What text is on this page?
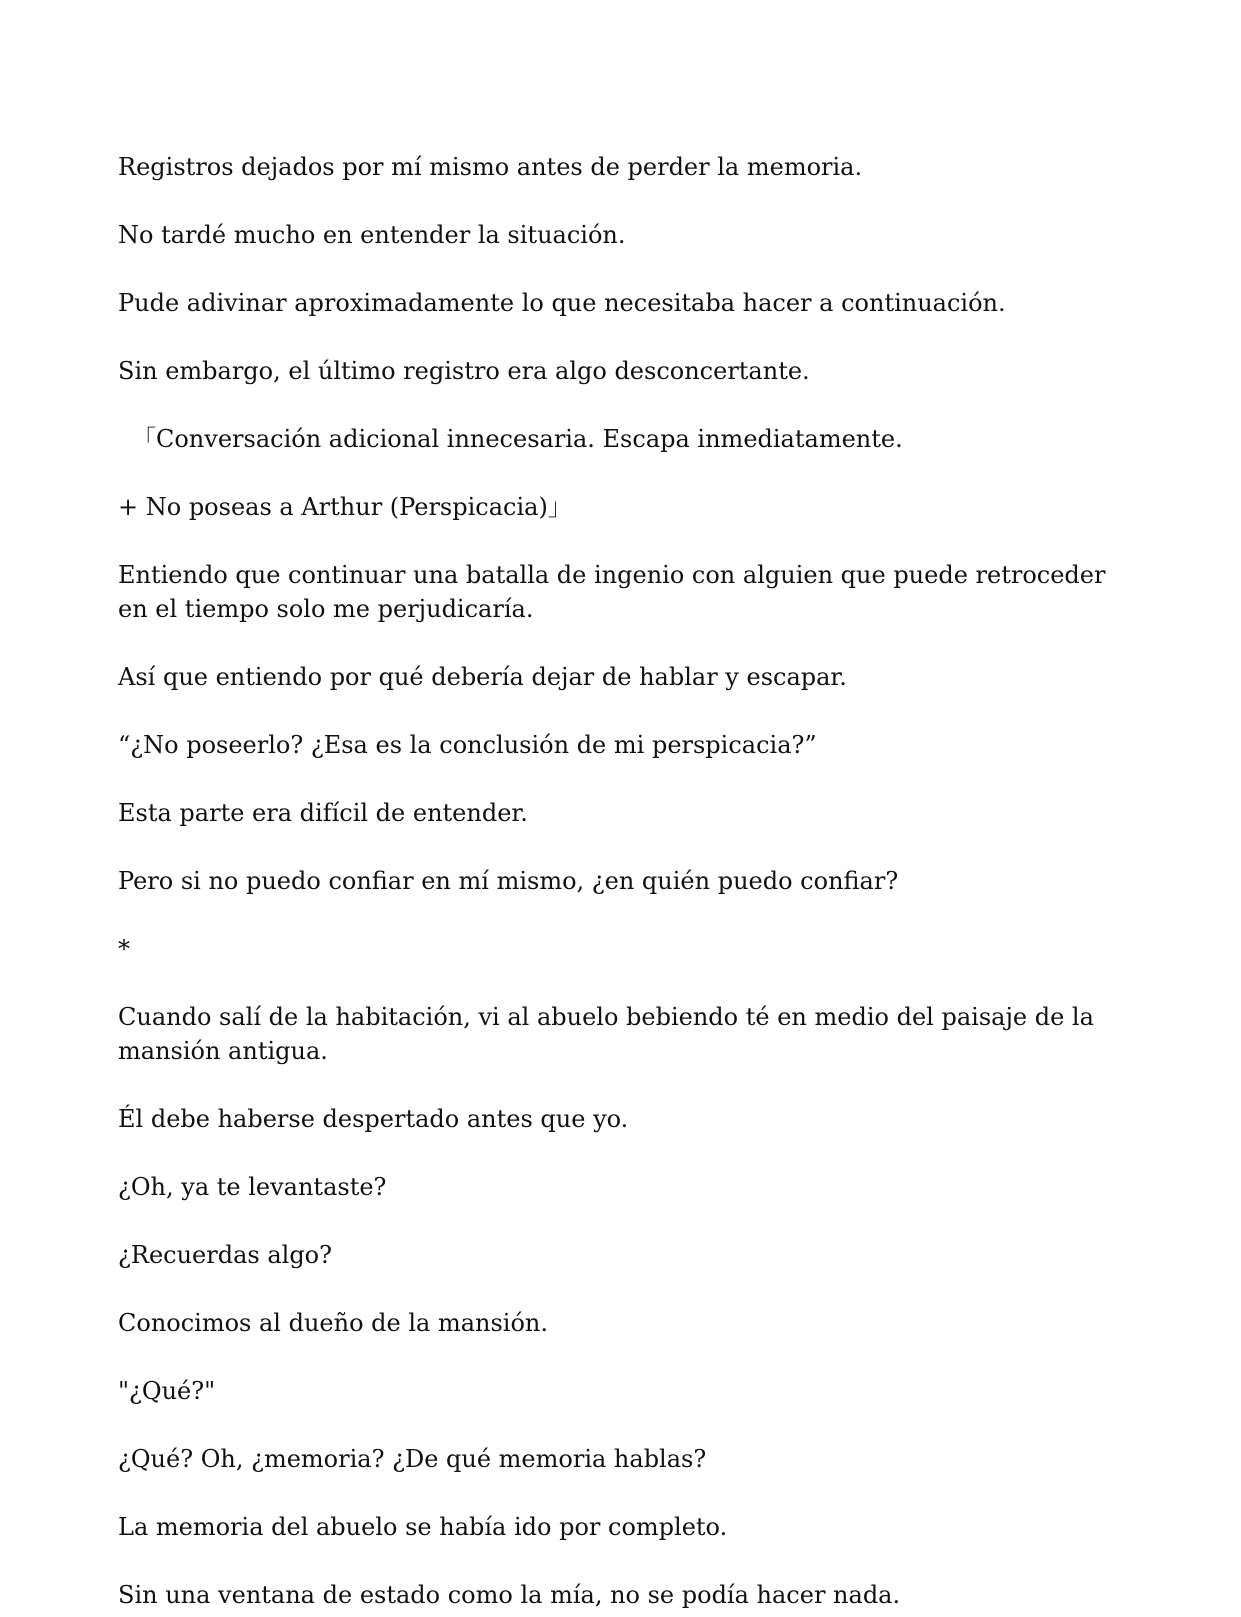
Registros dejados por mí mismo antes de perder la memoria.

No tardé mucho en entender la situación.

Pude adivinar aproximadamente lo que necesitaba hacer a continuación.

Sin embargo, el último registro era algo desconcertante.

「Conversación adicional innecesaria. Escapa inmediatamente.

+ No poseas a Arthur (Perspicacia)」

Entiendo que continuar una batalla de ingenio con alguien que puede retroceder en el tiempo solo me perjudicaría.

Así que entiendo por qué debería dejar de hablar y escapar.

“¿No poseerlo? ¿Esa es la conclusión de mi perspicacia?”

Esta parte era difícil de entender.

Pero si no puedo confiar en mí mismo, ¿en quién puedo confiar?

*

Cuando salí de la habitación, vi al abuelo bebiendo té en medio del paisaje de la mansión antigua.

Él debe haberse despertado antes que yo.

¿Oh, ya te levantaste?

¿Recuerdas algo?

Conocimos al dueño de la mansión.

"¿Qué?"

¿Qué? Oh, ¿memoria? ¿De qué memoria hablas?

La memoria del abuelo se había ido por completo.

Sin una ventana de estado como la mía, no se podía hacer nada.
